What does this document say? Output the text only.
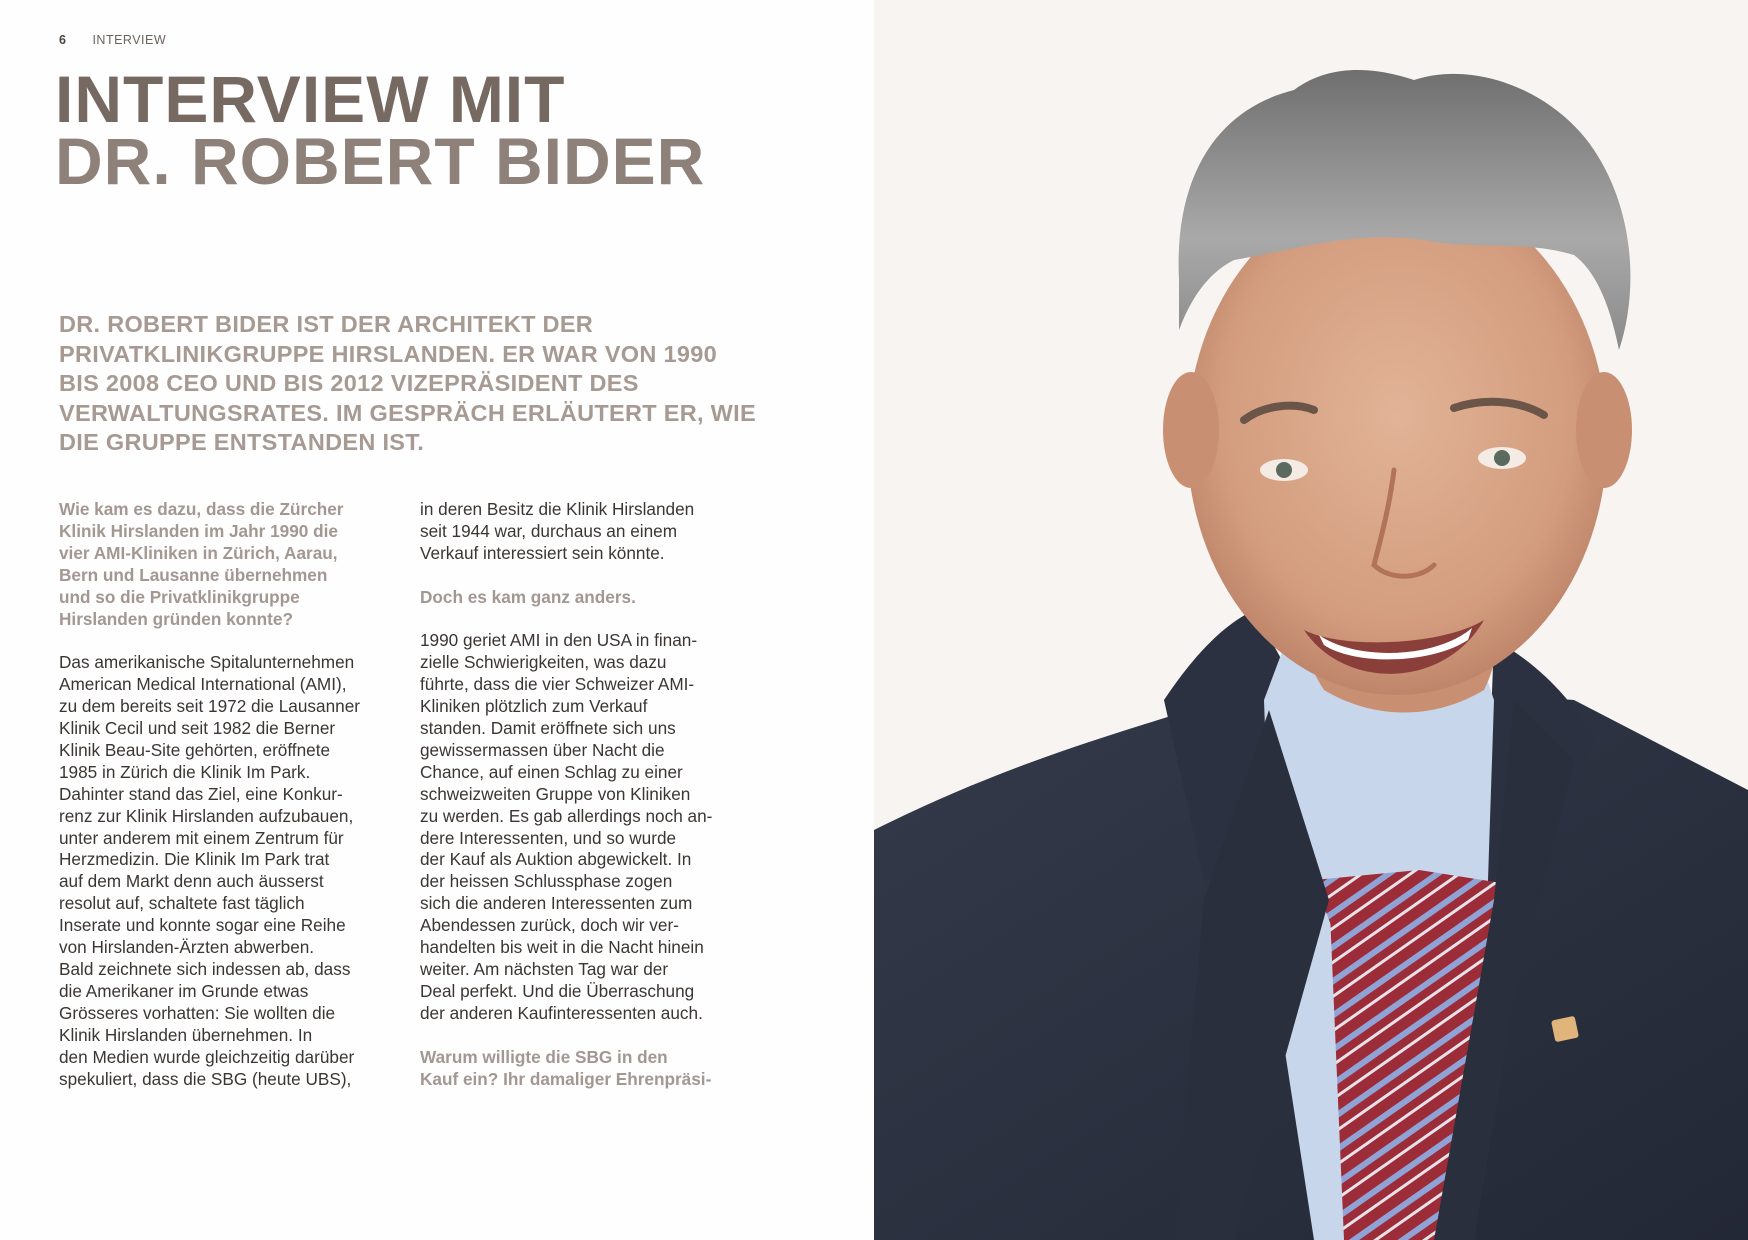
6 INTERVIEW
INTERVIEW MIT
DR. ROBERT BIDER

DR. ROBERT BIDER IST DER ARCHITEKT DER PRIVATKLINIKGRUPPE HIRSLANDEN. ER WAR VON 1990 BIS 2008 CEO UND BIS 2012 VIZEPRÄSIDENT DES VERWALTUNGSRATES. IM GESPRÄCH ERLÄUTERT ER, WIE DIE GRUPPE ENTSTANDEN IST.

Wie kam es dazu, dass die Zürcher
Klinik Hirslanden im Jahr 1990 die
vier AMI-Kliniken in Zürich, Aarau,
Bern und Lausanne übernehmen
und so die Privatklinikgruppe
Hirslanden gründen konnte?

Das amerikanische Spitalunternehmen
American Medical International (AMI),
zu dem bereits seit 1972 die Lausanner
Klinik Cecil und seit 1982 die Berner
Klinik Beau-Site gehörten, eröffnete
1985 in Zürich die Klinik Im Park.
Dahinter stand das Ziel, eine Konkur-
renz zur Klinik Hirslanden aufzubauen,
unter anderem mit einem Zentrum für
Herzmedizin. Die Klinik Im Park trat
auf dem Markt denn auch äusserst
resolut auf, schaltete fast täglich
Inserate und konnte sogar eine Reihe
von Hirslanden-Ärzten abwerben.
Bald zeichnete sich indessen ab, dass
die Amerikaner im Grunde etwas
Grösseres vorhatten: Sie wollten die
Klinik Hirslanden übernehmen. In
den Medien wurde gleichzeitig darüber
spekuliert, dass die SBG (heute UBS),

in deren Besitz die Klinik Hirslanden
seit 1944 war, durchaus an einem
Verkauf interessiert sein könnte.

Doch es kam ganz anders.

1990 geriet AMI in den USA in finan-
zielle Schwierigkeiten, was dazu
führte, dass die vier Schweizer AMI-
Kliniken plötzlich zum Verkauf
standen. Damit eröffnete sich uns
gewissermassen über Nacht die
Chance, auf einen Schlag zu einer
schweizweiten Gruppe von Kliniken
zu werden. Es gab allerdings noch an-
dere Interessenten, und so wurde
der Kauf als Auktion abgewickelt. In
der heissen Schlussphase zogen
sich die anderen Interessenten zum
Abendessen zurück, doch wir ver-
handelten bis weit in die Nacht hinein
weiter. Am nächsten Tag war der
Deal perfekt. Und die Überraschung
der anderen Kaufinteressenten auch.

Warum willigte die SBG in den
Kauf ein? Ihr damaliger Ehrenpräsi-
